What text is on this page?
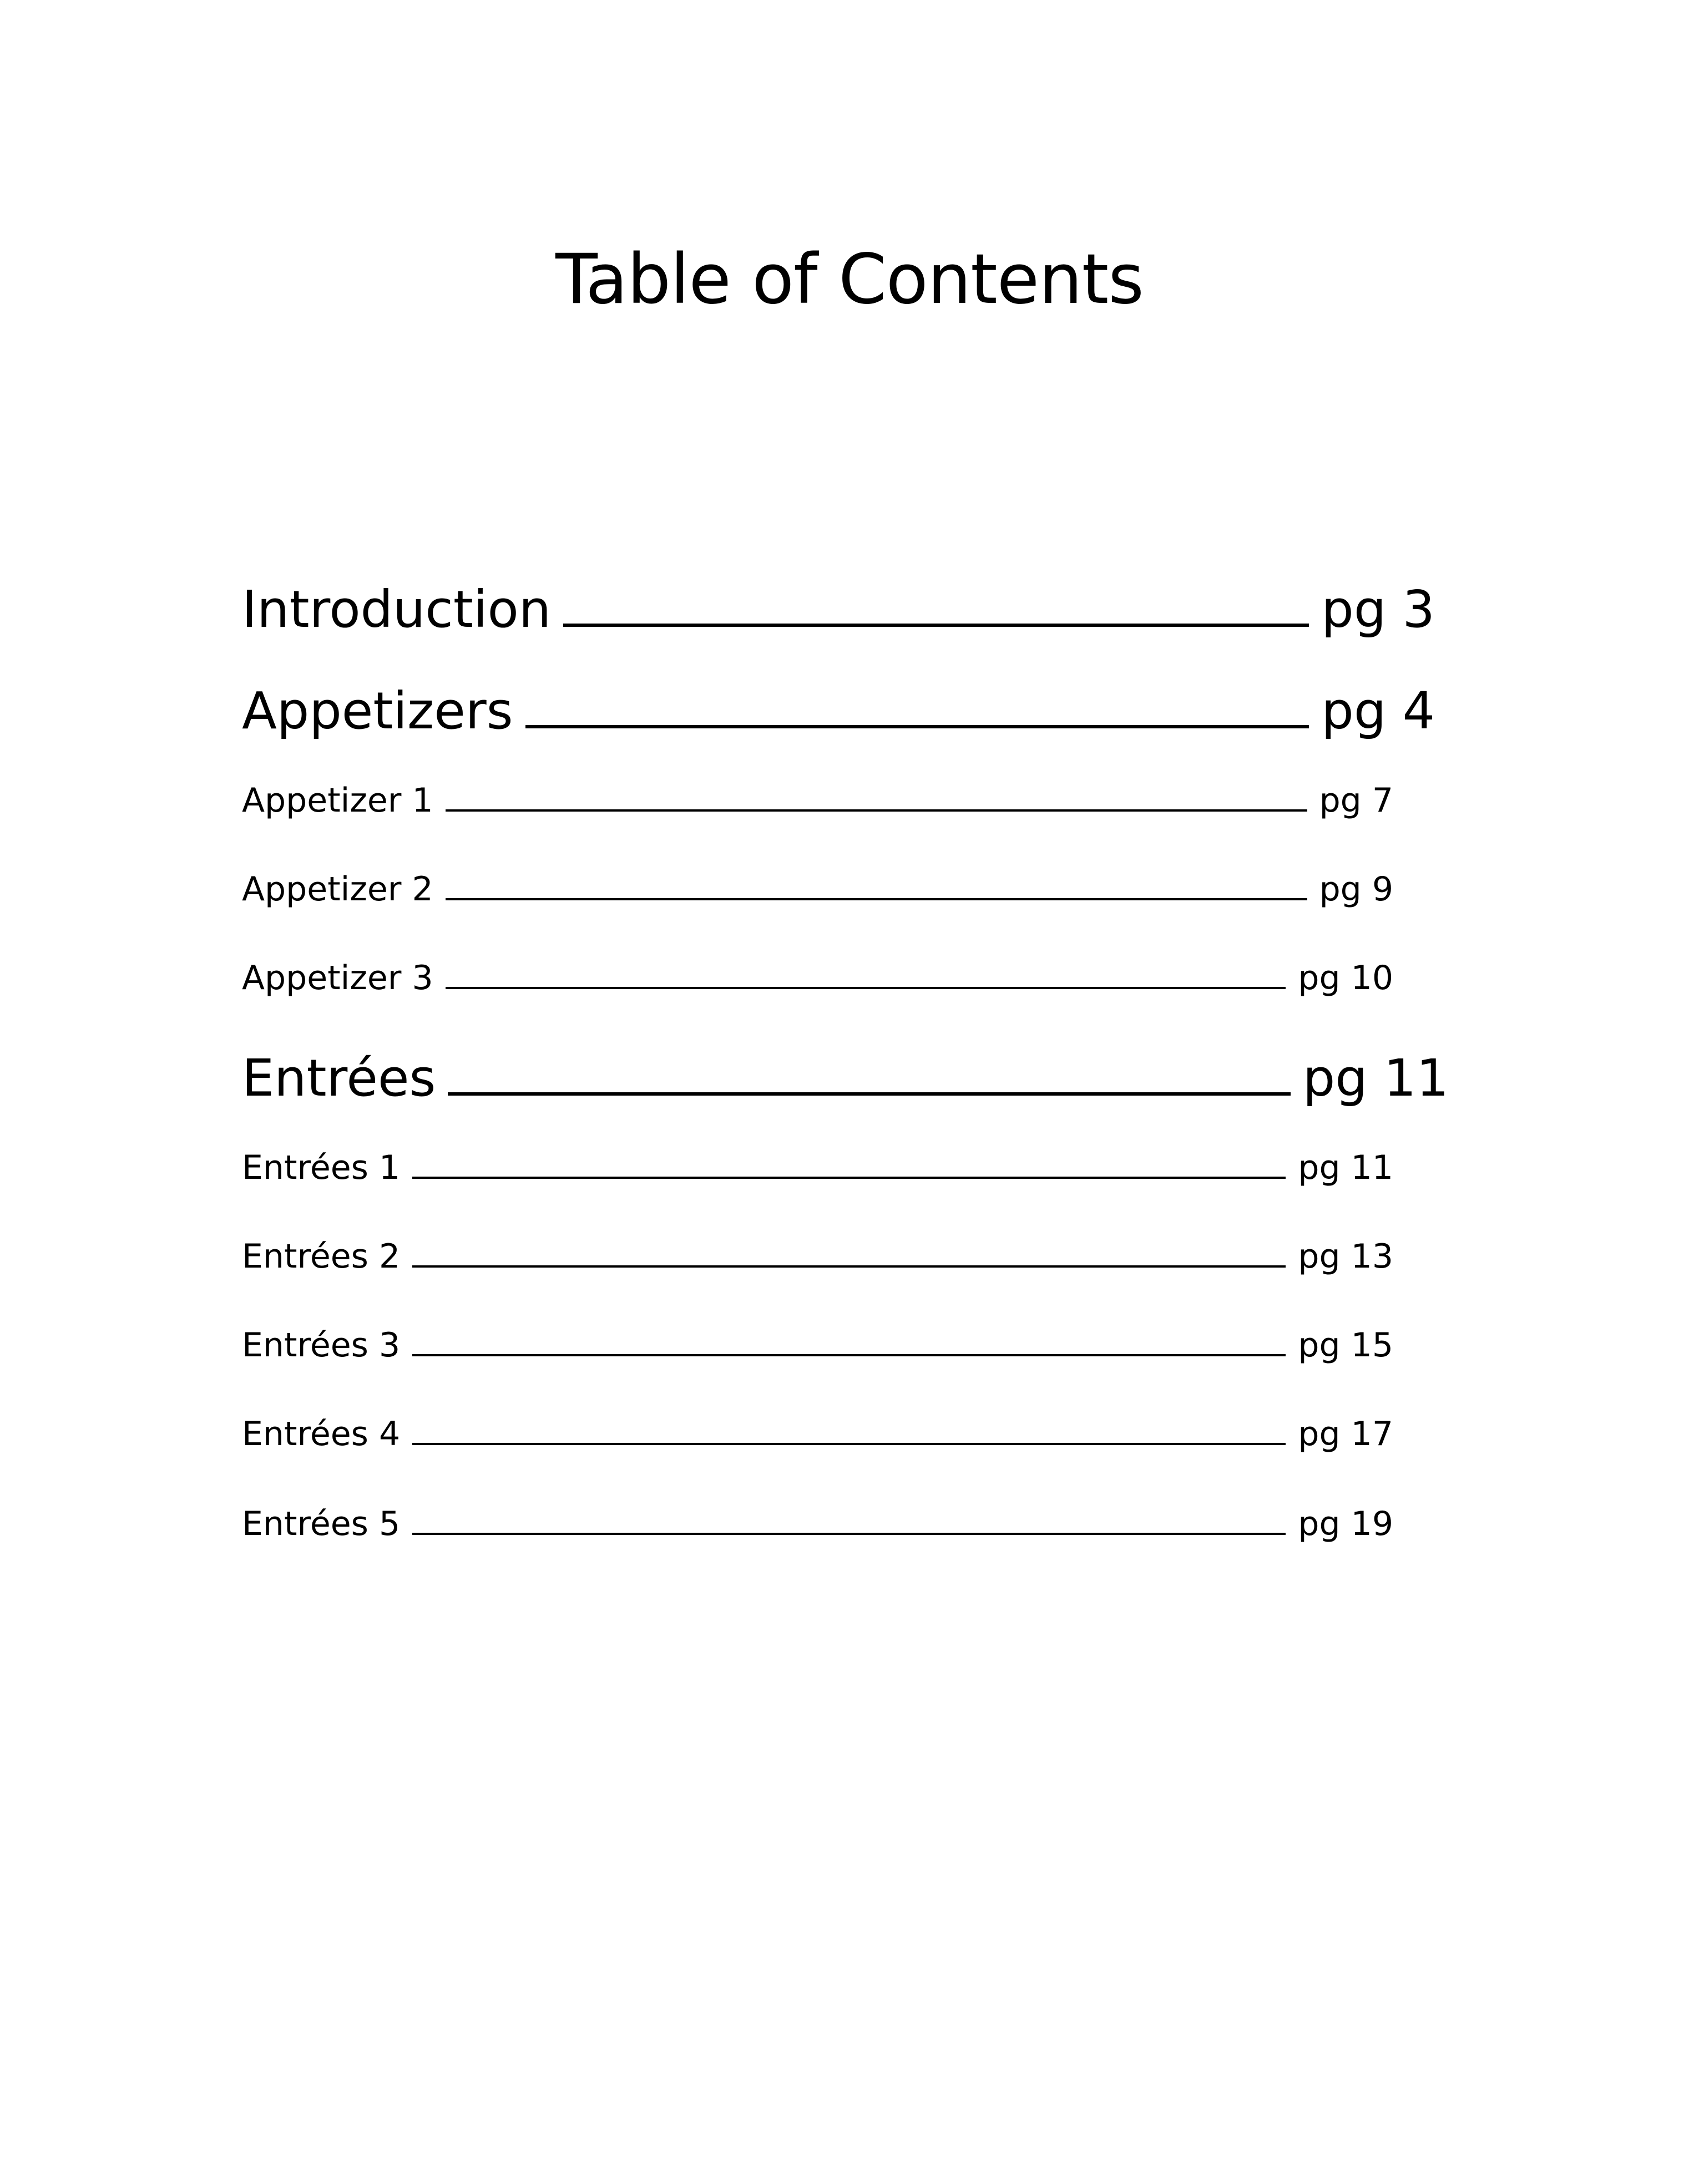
Table of Contents
Introduction	pg 3
Appetizers	pg 4
Appetizer 1	pg 7
Appetizer 2	pg 9
Appetizer 3	pg 10
Entrées	pg 11
Entrées 1	pg 11
Entrées 2	pg 13
Entrées 3	pg 15
Entrées 4	pg 17
Entrées 5	pg 19
